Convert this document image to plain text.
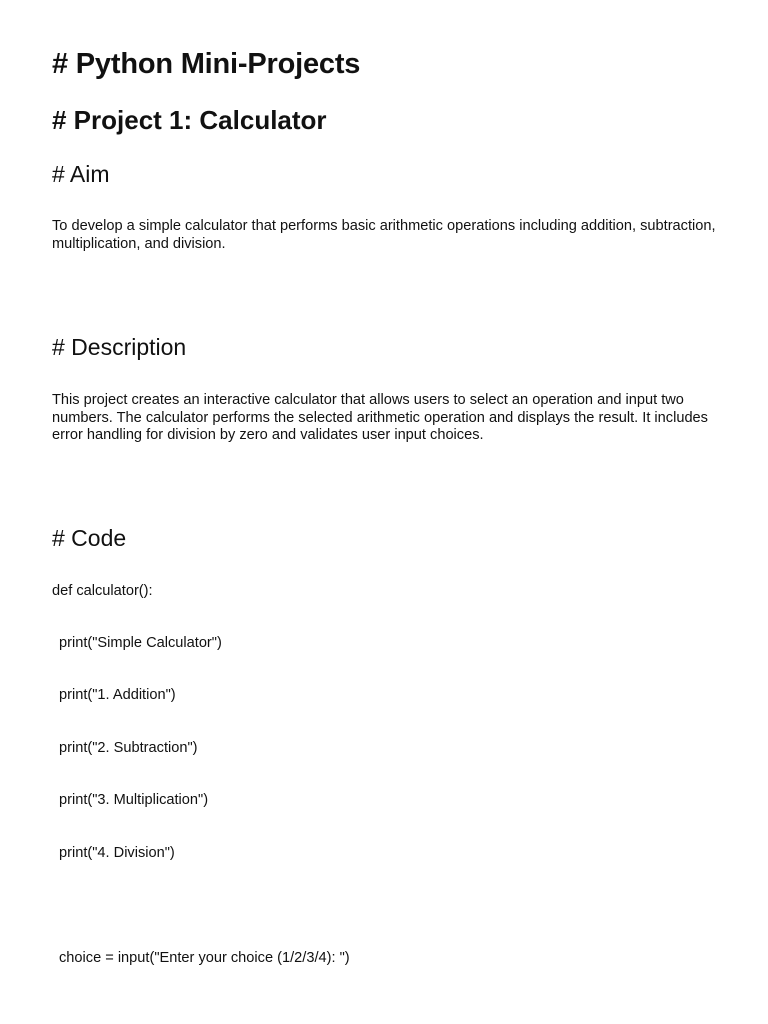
# Python Mini-Projects
# Project 1: Calculator
# Aim

To develop a simple calculator that performs basic arithmetic operations including addition, subtraction, multiplication, and division.

# Description

This project creates an interactive calculator that allows users to select an operation and input two numbers. The calculator performs the selected arithmetic operation and displays the result. It includes error handling for division by zero and validates user input choices.

# Code
def calculator():
print("Simple Calculator")
print("1. Addition")
print("2. Subtraction")
print("3. Multiplication")
print("4. Division")
choice = input("Enter your choice (1/2/3/4): ")
